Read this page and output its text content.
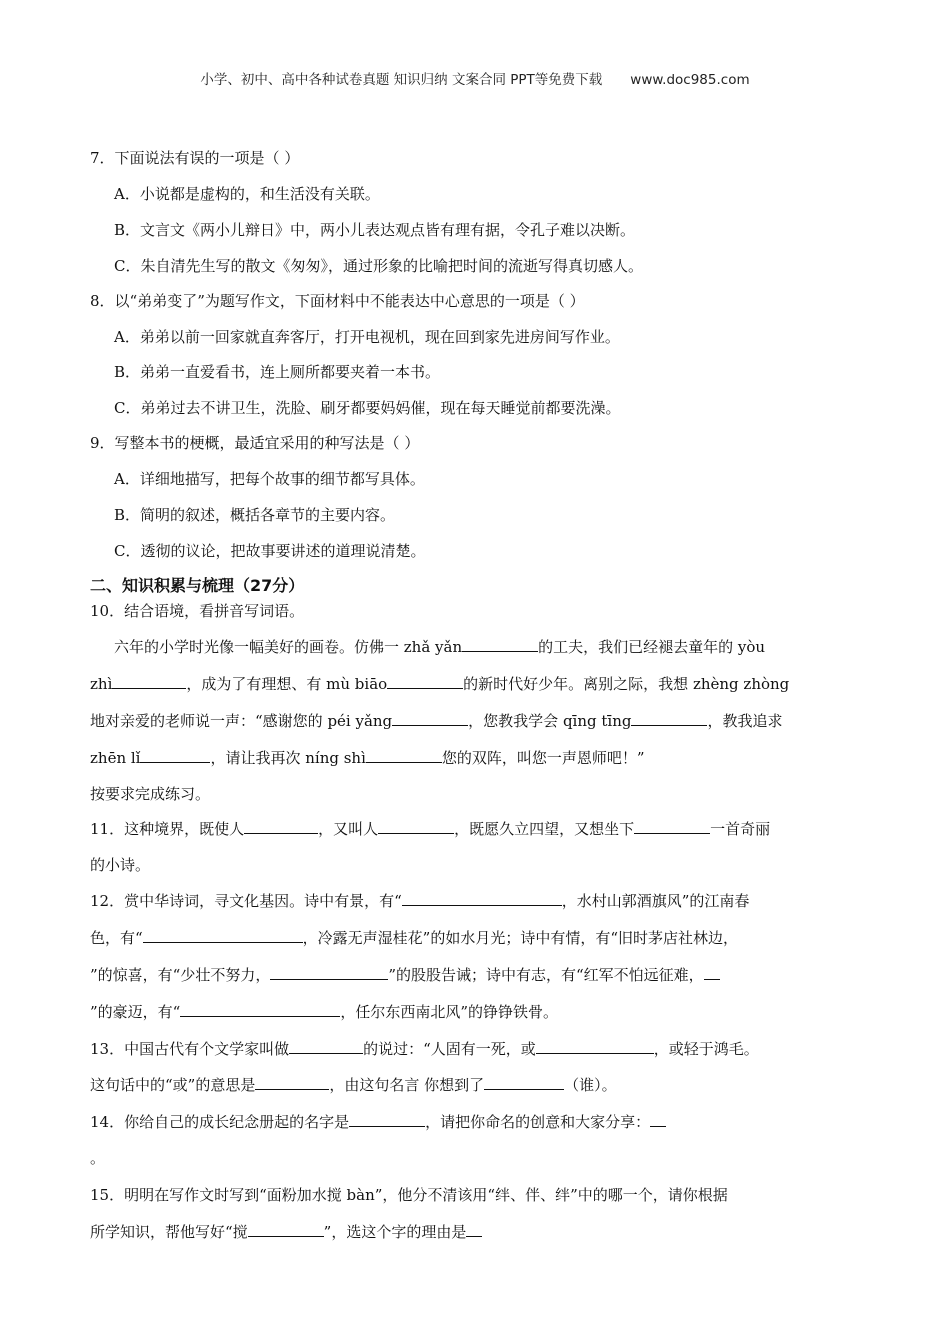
小学、初中、高中各种试卷真题 知识归纳 文案合同 PPT等免费下载 www.doc985.com
7．下面说法有误的一项是（ ）
A．小说都是虚构的，和生活没有关联。
B．文言文《两小儿辩日》中，两小儿表达观点皆有理有据，令孔子难以决断。
C．朱自清先生写的散文《匆匆》，通过形象的比喻把时间的流逝写得真切感人。
8．以“弟弟变了”为题写作文，下面材料中不能表达中心意思的一项是（ ）
A．弟弟以前一回家就直奔客厅，打开电视机，现在回到家先进房间写作业。
B．弟弟一直爱看书，连上厕所都要夹着一本书。
C．弟弟过去不讲卫生，洗脸、刷牙都要妈妈催，现在每天睡觉前都要洗澡。
9．写整本书的梗概，最适宜采用的种写法是（ ）
A．详细地描写，把每个故事的细节都写具体。
B．简明的叙述，概括各章节的主要内容。
C．透彻的议论，把故事要讲述的道理说清楚。
二、知识积累与梳理（27分）
10．结合语境，看拼音写词语。
六年的小学时光像一幅美好的画卷。仿佛一 zhǎ yǎn	的工夫，我们已经褪去童年的 yòu
zhì	，成为了有理想、有 mù biāo	的新时代好少年。离别之际，我想 zhèng zhòng
地对亲爱的老师说一声：“感谢您的 péi yǎng	，您教我学会 qīng tīng	，教我追求
zhēn lǐ	，请让我再次 níng shì	您的双阵，叫您一声恩师吧！”
按要求完成练习。
11．这种境界，既使人	，又叫人	，既愿久立四望，又想坐下	一首奇丽
的小诗。
12．赏中华诗词，寻文化基因。诗中有景，有“	，水村山郭酒旗风”的江南春
色，有“	，冷露无声湿桂花”的如水月光；诗中有情，有“旧时茅店社林边，
”的惊喜，有“少壮不努力，	”的股股告诫；诗中有志，有“红军不怕远征难，
”的豪迈，有“	，任尔东西南北风”的铮铮铁骨。
13．中国古代有个文学家叫做	的说过：“人固有一死，或	，或轻于鸿毛。
这句话中的“或”的意思是	，由这句名言 你想到了	（谁）。
14．你给自己的成长纪念册起的名字是	，请把你命名的创意和大家分享：
。
15．明明在写作文时写到“面粉加水搅 bàn”，他分不清该用“绊、伴、绊”中的哪一个，请你根据
所学知识，帮他写好“搅	”，选这个字的理由是
